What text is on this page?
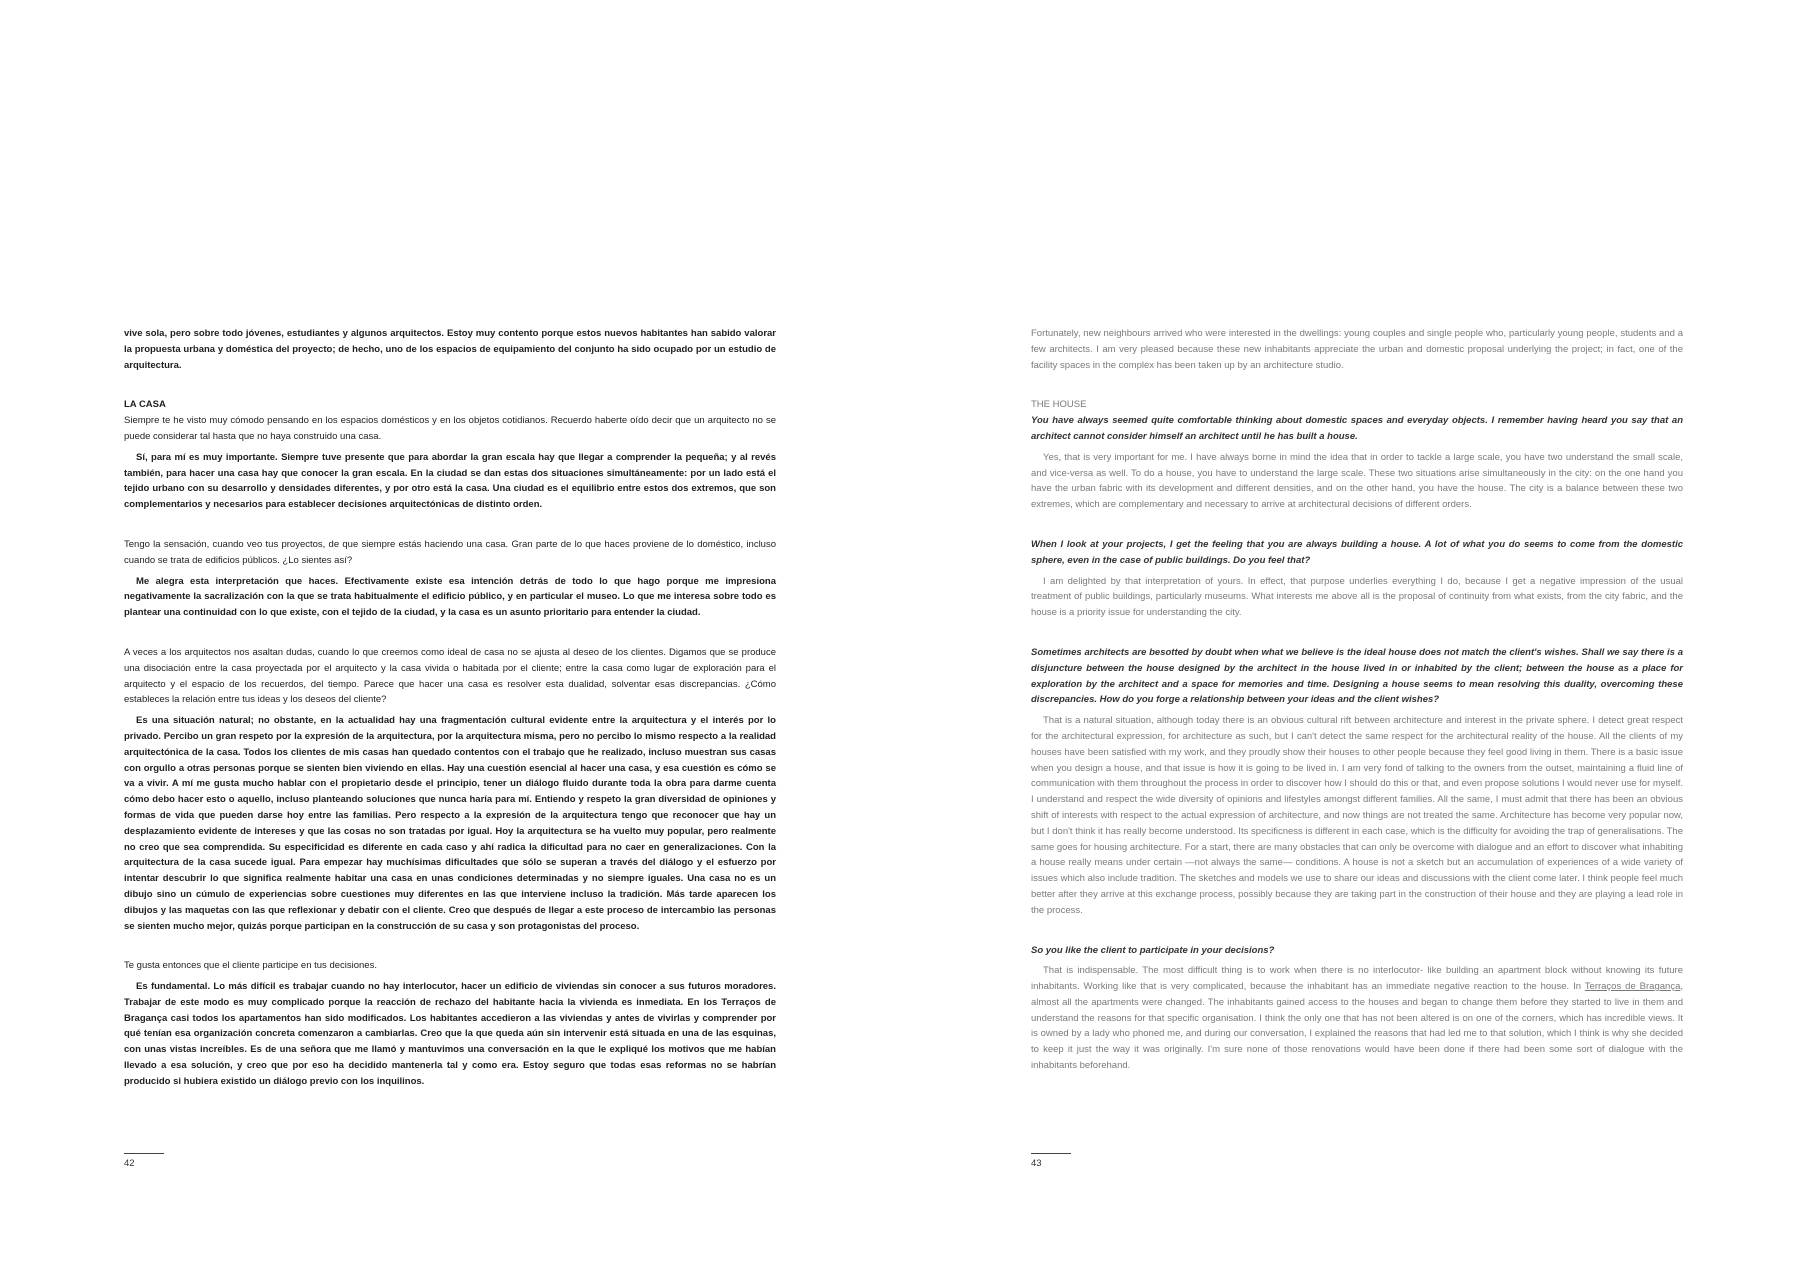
vive sola, pero sobre todo jóvenes, estudiantes y algunos arquitectos. Estoy muy contento porque estos nuevos habitantes han sabido valorar la propuesta urbana y doméstica del proyecto; de hecho, uno de los espacios de equipamiento del conjunto ha sido ocupado por un estudio de arquitectura.

LA CASA

Siempre te he visto muy cómodo pensando en los espacios domésticos y en los objetos cotidianos. Recuerdo haberte oído decir que un arquitecto no se puede considerar tal hasta que no haya construido una casa.

Sí, para mí es muy importante. Siempre tuve presente que para abordar la gran escala hay que llegar a comprender la pequeña; y al revés también, para hacer una casa hay que conocer la gran escala. En la ciudad se dan estas dos situaciones simultáneamente: por un lado está el tejido urbano con su desarrollo y densidades diferentes, y por otro está la casa. Una ciudad es el equilibrio entre estos dos extremos, que son complementarios y necesarios para establecer decisiones arquitectónicas de distinto orden.

Tengo la sensación, cuando veo tus proyectos, de que siempre estás haciendo una casa. Gran parte de lo que haces proviene de lo doméstico, incluso cuando se trata de edificios públicos. ¿Lo sientes así?

Me alegra esta interpretación que haces. Efectivamente existe esa intención detrás de todo lo que hago porque me impresiona negativamente la sacralización con la que se trata habitualmente el edificio público, y en particular el museo. Lo que me interesa sobre todo es plantear una continuidad con lo que existe, con el tejido de la ciudad, y la casa es un asunto prioritario para entender la ciudad.

A veces a los arquitectos nos asaltan dudas, cuando lo que creemos como ideal de casa no se ajusta al deseo de los clientes. Digamos que se produce una disociación entre la casa proyectada por el arquitecto y la casa vivida o habitada por el cliente; entre la casa como lugar de exploración para el arquitecto y el espacio de los recuerdos, del tiempo. Parece que hacer una casa es resolver esta dualidad, solventar esas discrepancias. ¿Cómo estableces la relación entre tus ideas y los deseos del cliente?

Es una situación natural; no obstante, en la actualidad hay una fragmentación cultural evidente entre la arquitectura y el interés por lo privado. Percibo un gran respeto por la expresión de la arquitectura, por la arquitectura misma, pero no percibo lo mismo respecto a la realidad arquitectónica de la casa. Todos los clientes de mis casas han quedado contentos con el trabajo que he realizado, incluso muestran sus casas con orgullo a otras personas porque se sienten bien viviendo en ellas. Hay una cuestión esencial al hacer una casa, y esa cuestión es cómo se va a vivir. A mí me gusta mucho hablar con el propietario desde el principio, tener un diálogo fluido durante toda la obra para darme cuenta cómo debo hacer esto o aquello, incluso planteando soluciones que nunca haría para mí. Entiendo y respeto la gran diversidad de opiniones y formas de vida que pueden darse hoy entre las familias. Pero respecto a la expresión de la arquitectura tengo que reconocer que hay un desplazamiento evidente de intereses y que las cosas no son tratadas por igual. Hoy la arquitectura se ha vuelto muy popular, pero realmente no creo que sea comprendida. Su especificidad es diferente en cada caso y ahí radica la dificultad para no caer en generalizaciones. Con la arquitectura de la casa sucede igual. Para empezar hay muchísimas dificultades que sólo se superan a través del diálogo y el esfuerzo por intentar descubrir lo que significa realmente habitar una casa en unas condiciones determinadas y no siempre iguales. Una casa no es un dibujo sino un cúmulo de experiencias sobre cuestiones muy diferentes en las que interviene incluso la tradición. Más tarde aparecen los dibujos y las maquetas con las que reflexionar y debatir con el cliente. Creo que después de llegar a este proceso de intercambio las personas se sienten mucho mejor, quizás porque participan en la construcción de su casa y son protagonistas del proceso.

Te gusta entonces que el cliente participe en tus decisiones.

Es fundamental. Lo más difícil es trabajar cuando no hay interlocutor, hacer un edificio de viviendas sin conocer a sus futuros moradores. Trabajar de este modo es muy complicado porque la reacción de rechazo del habitante hacia la vivienda es inmediata. En los Terraços de Bragança casi todos los apartamentos han sido modificados. Los habitantes accedieron a las viviendas y antes de vivirlas y comprender por qué tenían esa organización concreta comenzaron a cambiarlas. Creo que la que queda aún sin intervenir está situada en una de las esquinas, con unas vistas increíbles. Es de una señora que me llamó y mantuvimos una conversación en la que le expliqué los motivos que me habían llevado a esa solución, y creo que por eso ha decidido mantenerla tal y como era. Estoy seguro que todas esas reformas no se habrían producido si hubiera existido un diálogo previo con los inquilinos.

42

Fortunately, new neighbours arrived who were interested in the dwellings: young couples and single people who, particularly young people, students and a few architects. I am very pleased because these new inhabitants appreciate the urban and domestic proposal underlying the project; in fact, one of the facility spaces in the complex has been taken up by an architecture studio.

THE HOUSE

You have always seemed quite comfortable thinking about domestic spaces and everyday objects. I remember having heard you say that an architect cannot consider himself an architect until he has built a house.

Yes, that is very important for me. I have always borne in mind the idea that in order to tackle a large scale, you have two understand the small scale, and vice-versa as well. To do a house, you have to understand the large scale. These two situations arise simultaneously in the city: on the one hand you have the urban fabric with its development and different densities, and on the other hand, you have the house. The city is a balance between these two extremes, which are complementary and necessary to arrive at architectural decisions of different orders.

When I look at your projects, I get the feeling that you are always building a house. A lot of what you do seems to come from the domestic sphere, even in the case of public buildings. Do you feel that?

I am delighted by that interpretation of yours. In effect, that purpose underlies everything I do, because I get a negative impression of the usual treatment of public buildings, particularly museums. What interests me above all is the proposal of continuity from what exists, from the city fabric, and the house is a priority issue for understanding the city.

Sometimes architects are besotted by doubt when what we believe is the ideal house does not match the client's wishes. Shall we say there is a disjuncture between the house designed by the architect in the house lived in or inhabited by the client; between the house as a place for exploration by the architect and a space for memories and time. Designing a house seems to mean resolving this duality, overcoming these discrepancies. How do you forge a relationship between your ideas and the client wishes?

That is a natural situation, although today there is an obvious cultural rift between architecture and interest in the private sphere. I detect great respect for the architectural expression, for architecture as such, but I can't detect the same respect for the architectural reality of the house. All the clients of my houses have been satisfied with my work, and they proudly show their houses to other people because they feel good living in them. There is a basic issue when you design a house, and that issue is how it is going to be lived in. I am very fond of talking to the owners from the outset, maintaining a fluid line of communication with them throughout the process in order to discover how I should do this or that, and even propose solutions I would never use for myself. I understand and respect the wide diversity of opinions and lifestyles amongst different families. All the same, I must admit that there has been an obvious shift of interests with respect to the actual expression of architecture, and now things are not treated the same. Architecture has become very popular now, but I don't think it has really become understood. Its specificness is different in each case, which is the difficulty for avoiding the trap of generalisations. The same goes for housing architecture. For a start, there are many obstacles that can only be overcome with dialogue and an effort to discover what inhabiting a house really means under certain —not always the same— conditions. A house is not a sketch but an accumulation of experiences of a wide variety of issues which also include tradition. The sketches and models we use to share our ideas and discussions with the client come later. I think people feel much better after they arrive at this exchange process, possibly because they are taking part in the construction of their house and they are playing a lead role in the process.

So you like the client to participate in your decisions?

That is indispensable. The most difficult thing is to work when there is no interlocutor- like building an apartment block without knowing its future inhabitants. Working like that is very complicated, because the inhabitant has an immediate negative reaction to the house. In Terraços de Bragança, almost all the apartments were changed. The inhabitants gained access to the houses and began to change them before they started to live in them and understand the reasons for that specific organisation. I think the only one that has not been altered is on one of the corners, which has incredible views. It is owned by a lady who phoned me, and during our conversation, I explained the reasons that had led me to that solution, which I think is why she decided to keep it just the way it was originally. I'm sure none of those renovations would have been done if there had been some sort of dialogue with the inhabitants beforehand.

43
